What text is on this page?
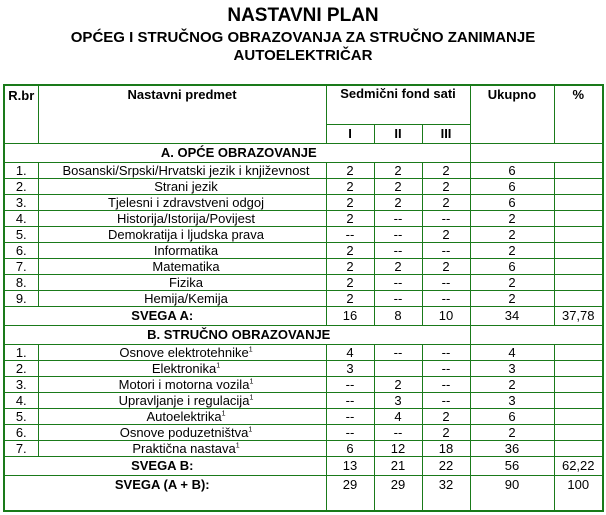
NASTAVNI PLAN
OPĆEG I STRUČNOG OBRAZOVANJA ZA STRUČNO ZANIMANJE
AUTOELEKTRIČAR
R.br	Nastavni predmet	Sedmični fond sati			Ukupno	%
		I	II	III		
A. OPĆE OBRAZOVANJE						
1.	Bosanski/Srpski/Hrvatski jezik i književnost	2	2	2	6	
2.	Strani jezik	2	2	2	6	
3.	Tjelesni i zdravstveni odgoj	2	2	2	6	
4.	Historija/Istorija/Povijest	2	--	--	2	
5.	Demokratija i ljudska prava	--	--	2	2	
6.	Informatika	2	--	--	2	
7.	Matematika	2	2	2	6	
8.	Fizika	2	--	--	2	
9.	Hemija/Kemija	2	--	--	2	
SVEGA A:		16	8	10	34	37,78
B. STRUČNO OBRAZOVANJE						
1.	Osnove elektrotehnike$^1$	4	--	--	4	
2.	Elektronika$^1$	3		--	3	
3.	Motori i motorna vozila$^1$	--	2	--	2	
4.	Upravljanje i regulacija$^1$	--	3	--	3	
5.	Autoelektrika$^1$	--	4	2	6	
6.	Osnove poduzetništva$^1$	--	--	2	2	
7.	Praktična nastava$^1$	6	12	18	36	
SVEGA B:		13	21	22	56	62,22
SVEGA (A + B):		29	29	32	90	100
